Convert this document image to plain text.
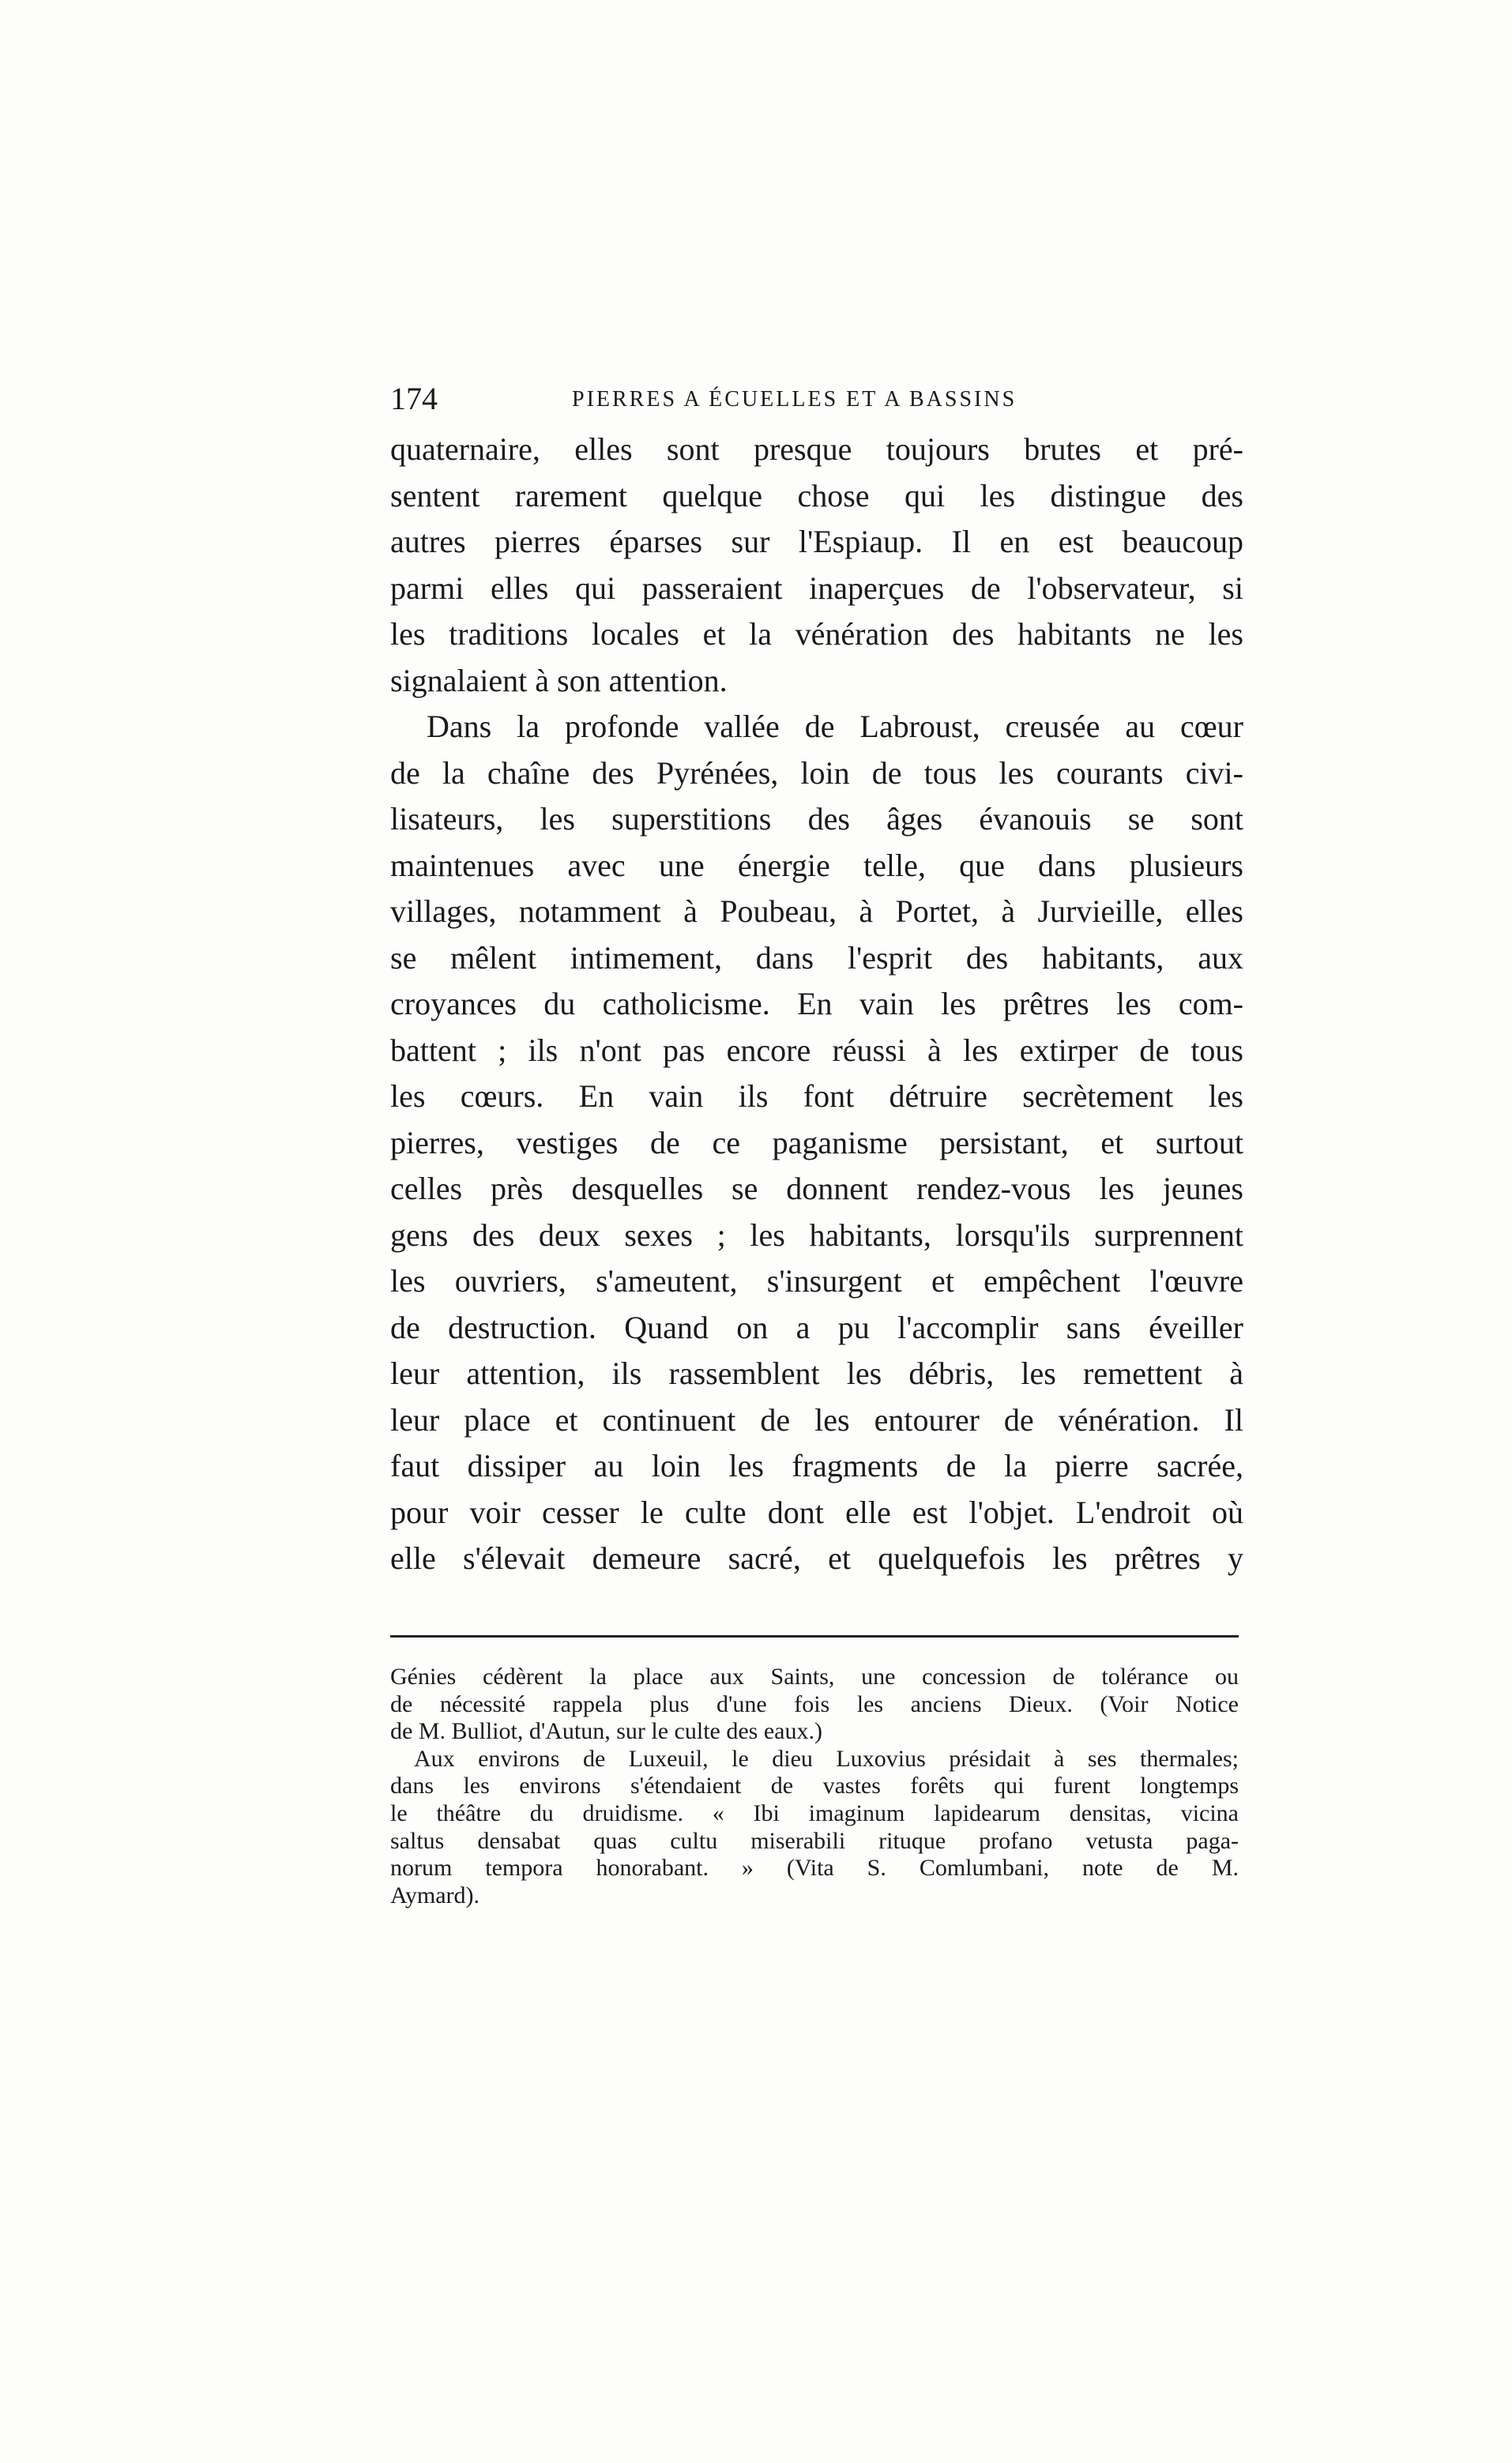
174	PIERRES A ÉCUELLES ET A BASSINS
quaternaire, elles sont presque toujours brutes et pré-
sentent rarement quelque chose qui les distingue des
autres pierres éparses sur l'Espiaup. Il en est beaucoup
parmi elles qui passeraient inaperçues de l'observateur, si
les traditions locales et la vénération des habitants ne les
signalaient à son attention.
Dans la profonde vallée de Labroust, creusée au cœur
de la chaîne des Pyrénées, loin de tous les courants civi-
lisateurs, les superstitions des âges évanouis se sont
maintenues avec une énergie telle, que dans plusieurs
villages, notamment à Poubeau, à Portet, à Jurvieille, elles
se mêlent intimement, dans l'esprit des habitants, aux
croyances du catholicisme. En vain les prêtres les com-
battent ; ils n'ont pas encore réussi à les extirper de tous
les cœurs. En vain ils font détruire secrètement les
pierres, vestiges de ce paganisme persistant, et surtout
celles près desquelles se donnent rendez-vous les jeunes
gens des deux sexes ; les habitants, lorsqu'ils surprennent
les ouvriers, s'ameutent, s'insurgent et empêchent l'œuvre
de destruction. Quand on a pu l'accomplir sans éveiller
leur attention, ils rassemblent les débris, les remettent à
leur place et continuent de les entourer de vénération. Il
faut dissiper au loin les fragments de la pierre sacrée,
pour voir cesser le culte dont elle est l'objet. L'endroit où
elle s'élevait demeure sacré, et quelquefois les prêtres y
Génies cédèrent la place aux Saints, une concession de tolérance ou
de nécessité rappela plus d'une fois les anciens Dieux. (Voir Notice
de M. Bulliot, d'Autun, sur le culte des eaux.)
Aux environs de Luxeuil, le dieu Luxovius présidait à ses thermales;
dans les environs s'étendaient de vastes forêts qui furent longtemps
le théâtre du druidisme. « Ibi imaginum lapidearum densitas, vicina
saltus densabat quas cultu miserabili rituque profano vetusta paga-
norum tempora honorabant. » (Vita S. Comlumbani, note de M.
Aymard).
